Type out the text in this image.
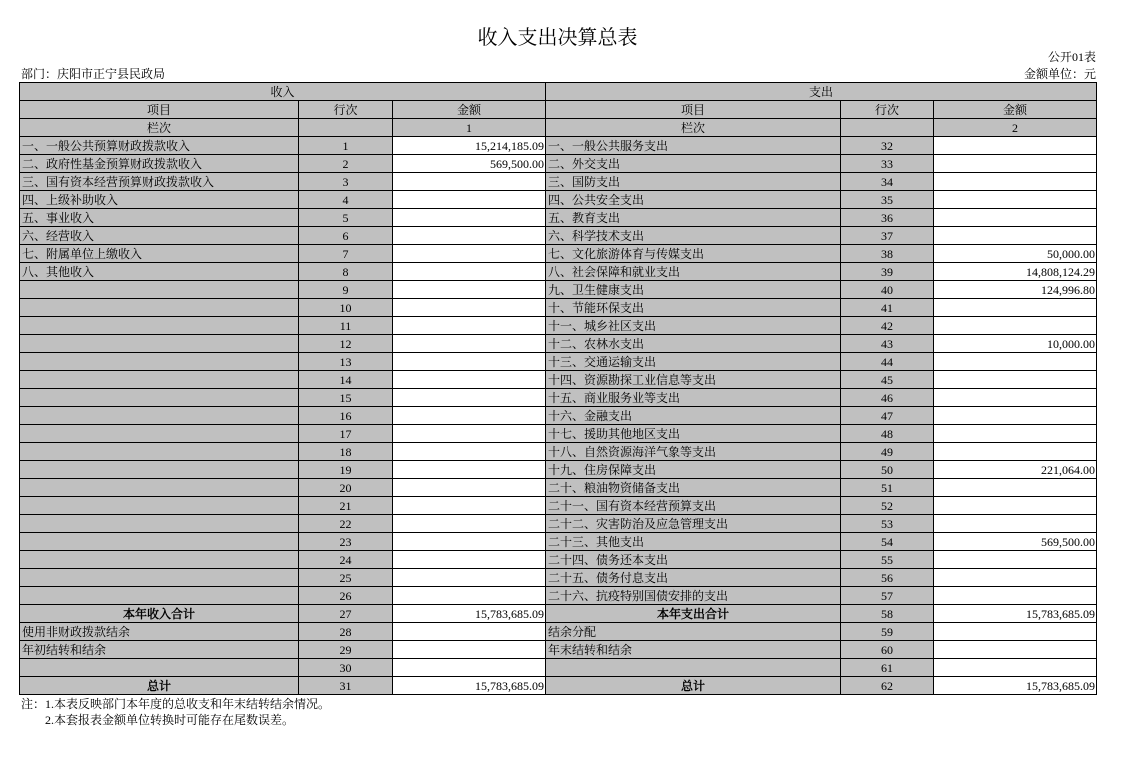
收入支出决算总表
公开01表
部门：庆阳市正宁县民政局	金额单位：元
收入			支出		
项目	行次	金额	项目	行次	金额
栏次		1	栏次		2
一、一般公共预算财政拨款收入	1	15,214,185.09	一、一般公共服务支出	32	
二、政府性基金预算财政拨款收入	2	569,500.00	二、外交支出	33	
三、国有资本经营预算财政拨款收入	3		三、国防支出	34	
四、上级补助收入	4		四、公共安全支出	35	
五、事业收入	5		五、教育支出	36	
六、经营收入	6		六、科学技术支出	37	
七、附属单位上缴收入	7		七、文化旅游体育与传媒支出	38	50,000.00
八、其他收入	8		八、社会保障和就业支出	39	14,808,124.29
	9		九、卫生健康支出	40	124,996.80
	10		十、节能环保支出	41	
	11		十一、城乡社区支出	42	
	12		十二、农林水支出	43	10,000.00
	13		十三、交通运输支出	44	
	14		十四、资源勘探工业信息等支出	45	
	15		十五、商业服务业等支出	46	
	16		十六、金融支出	47	
	17		十七、援助其他地区支出	48	
	18		十八、自然资源海洋气象等支出	49	
	19		十九、住房保障支出	50	221,064.00
	20		二十、粮油物资储备支出	51	
	21		二十一、国有资本经营预算支出	52	
	22		二十二、灾害防治及应急管理支出	53	
	23		二十三、其他支出	54	569,500.00
	24		二十四、债务还本支出	55	
	25		二十五、债务付息支出	56	
	26		二十六、抗疫特别国债安排的支出	57	
本年收入合计	27	15,783,685.09	本年支出合计	58	15,783,685.09
使用非财政拨款结余	28		结余分配	59	
年初结转和结余	29		年末结转和结余	60	
	30			61	
总计	31	15,783,685.09	总计	62	15,783,685.09
注：1.本表反映部门本年度的总收支和年末结转结余情况。
2.本套报表金额单位转换时可能存在尾数误差。
